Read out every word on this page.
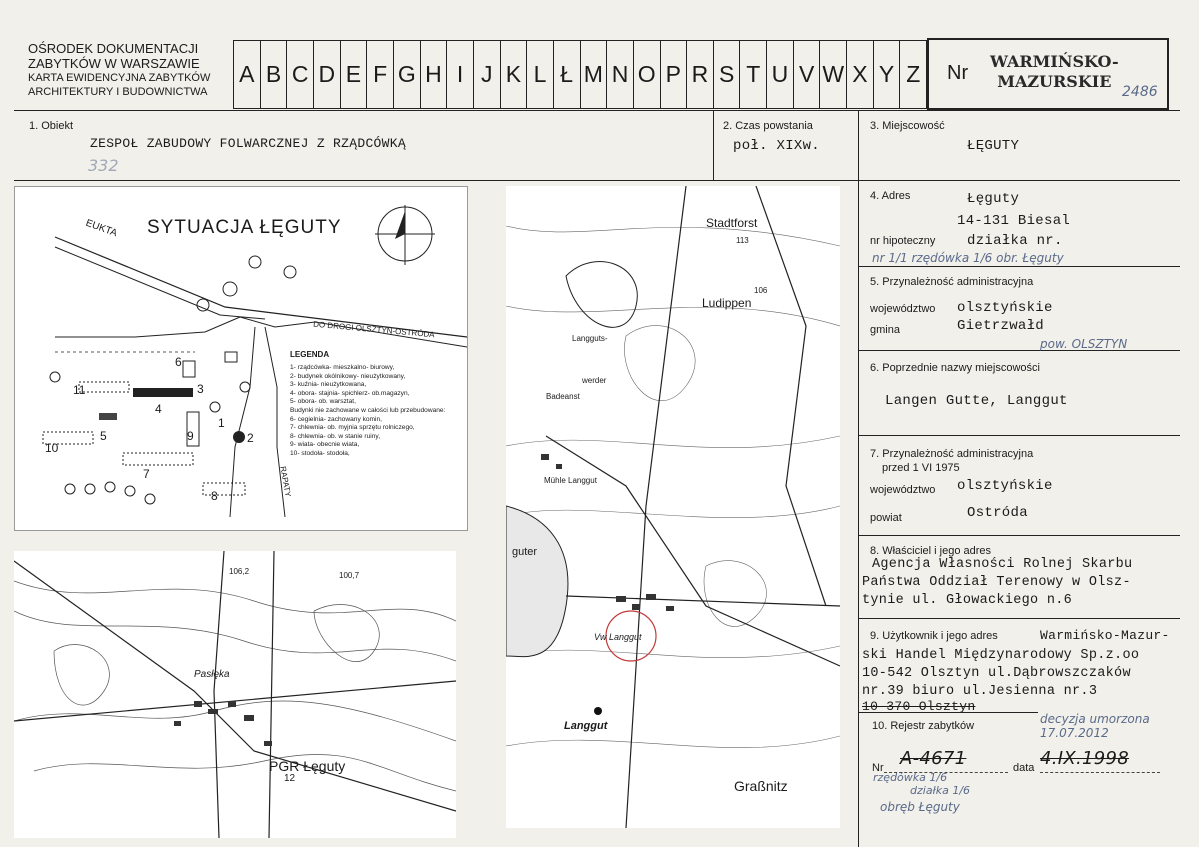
OŚRODEK DOKUMENTACJI
ZABYTKÓW W WARSZAWIE
KARTA EWIDENCYJNA ZABYTKÓW
ARCHITEKTURY I BUDOWNICTWA
A B C D E F G H I J K L Ł M N O P R S T U V W X Y Z Nr
WARMIŃSKO-
MAZURSKIE
2486
1. Obiekt
ZESPOŁ ZABUDOWY FOLWARCZNEJ Z RZĄDCÓWKĄ
332
2. Czas powstania
poł. XIXw.
3. Miejscowość
ŁĘGUTY
4. Adres	Łęguty
14-131 Biesal
nr hipoteczny działka nr.
nr 1/1 rzędówka 1/6 obr. Łęguty
5. Przynależność administracyjna
województwo olsztyńskie
gmina	Gietrzwałd
pow. OLSZTYN
6. Poprzednie nazwy miejscowości
Langen Gutte, Langgut
7. Przynależność administracyjna
przed 1 VI 1975
województwo olsztyńskie
powiat	Ostróda
8. Właściciel i jego adres
Agencja Własności Rolnej Skarbu
Państwa Oddział Terenowy w Olsz-
tynie ul. Głowackiego n.6
9. Użytkownik i jego adres	Warmińsko-Mazur-
ski Handel Międzynarodowy Sp.z.oo
10-542 Olsztyn ul.Dąbrowszczaków
nr.39 biuro ul.Jesienna nr.3
10-370 Olsztyn
10. Rejestr zabytków	decyzja umorzona 17.07.2012
Nr A-4671	data 4.IX.1998
rzędówka 1/6
działka 1/6
obręb Łęguty
SYTUACJA ŁĘGUTY
EUKTA
DO DROGI OLSZTYN-OSTRÓDA
RAPATY
LEGENDA
1- rządcówka- mieszkalno- biurowy,
2- budynek okólnikowy- nieużytkowany,
3- kuźnia- nieużytkowana,
4- obora- stajnia- spichlerz- ob.magazyn,
5- obora- ob. warsztat,
Budynki nie zachowane w całości lub przebudowane:
6- cegielnia- zachowany komin,
7- chlewnia- ob. myjnia sprzętu rolniczego,
8- chlewnia- ob. w stanie ruiny,
9- wiata- obecnie wiata,
10- stodoła- stodoła,
1
2
3
4
5
6
7
8
9
10
11
Pasłęka
PGR Łęguty
12
106,2	100,7
Stadtforst
Ludippen
Langguts-
werder
Badeanst
Mühle Langgut
Vw Langgut
Langgut
Graßnitz
guter
113
106
